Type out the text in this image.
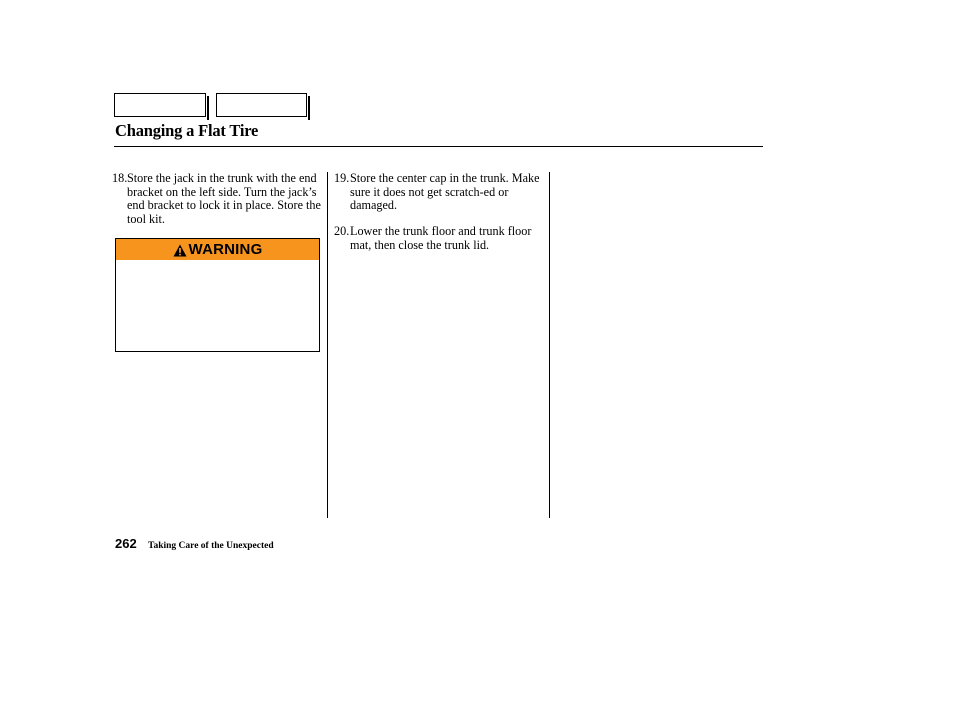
Changing a Flat Tire
18. Store the jack in the trunk with the end bracket on the left side. Turn the jack’s end bracket to lock it in place. Store the tool kit.
WARNING
19. Store the center cap in the trunk. Make sure it does not get scratch-ed or damaged.
20. Lower the trunk floor and trunk floor mat, then close the trunk lid.
262 Taking Care of the Unexpected
